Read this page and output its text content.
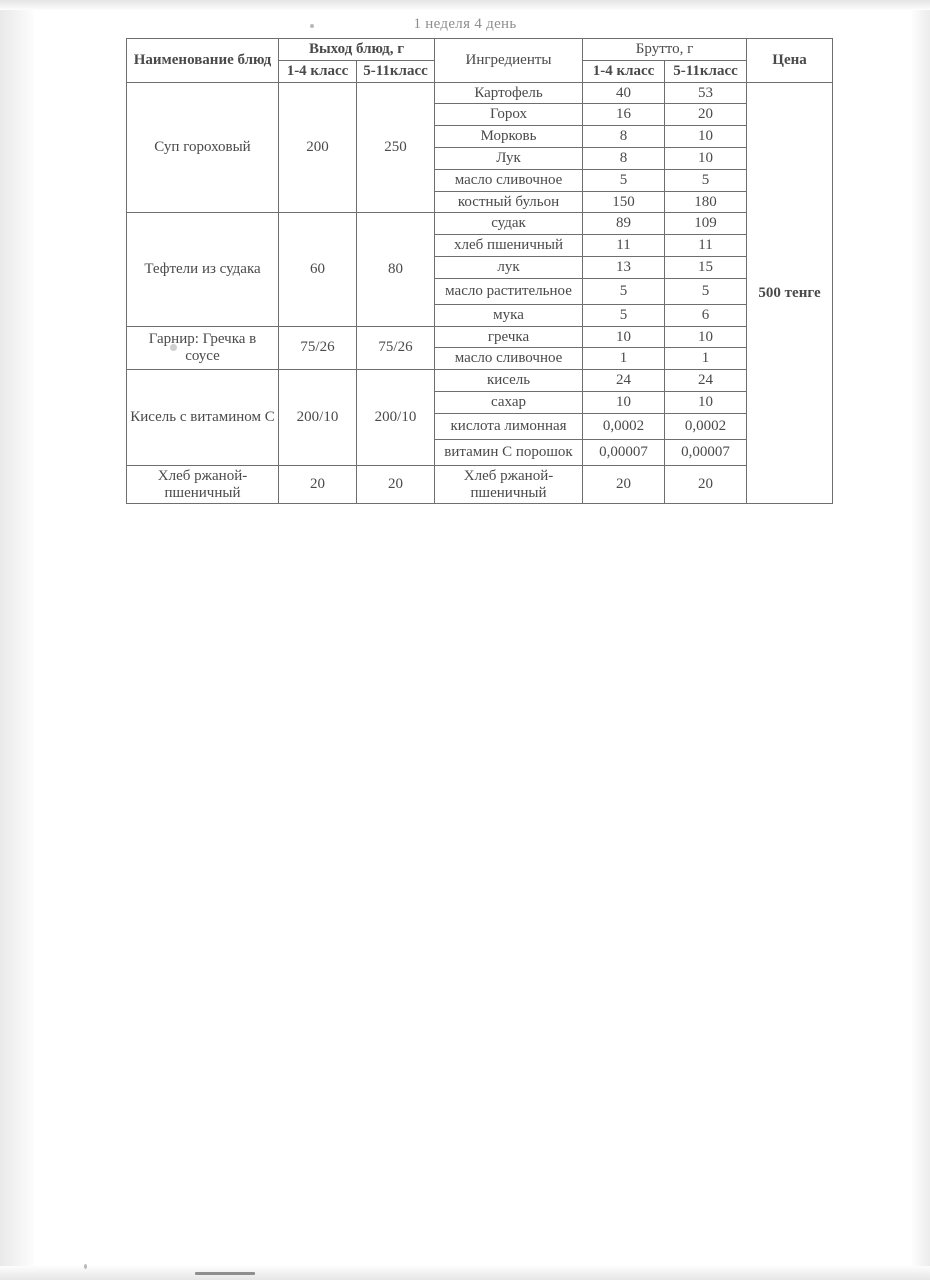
1 неделя 4 день
Наименование блюд	Выход блюд, г		Ингредиенты	Брутто, г		Цена
	1-4 класс	5-11класс		1-4 класс	5-11класс	
Суп гороховый	200	250	Картофель	40	53	500 тенге
			Горох	16	20	
			Морковь	8	10	
			Лук	8	10	
			масло сливочное	5	5	
			костный бульон	150	180	
Тефтели из судака	60	80	судак	89	109	
			хлеб пшеничный	11	11	
			лук	13	15	
			масло растительное	5	5	
			мука	5	6	
Гарнир: Гречка в соусе	75/26	75/26	гречка	10	10	
			масло сливочное	1	1	
Кисель с витамином С	200/10	200/10	кисель	24	24	
			сахар	10	10	
			кислота лимонная	0,0002	0,0002	
			витамин С порошок	0,00007	0,00007	
Хлеб ржаной-пшеничный	20	20	Хлеб ржаной-пшеничный	20	20	
